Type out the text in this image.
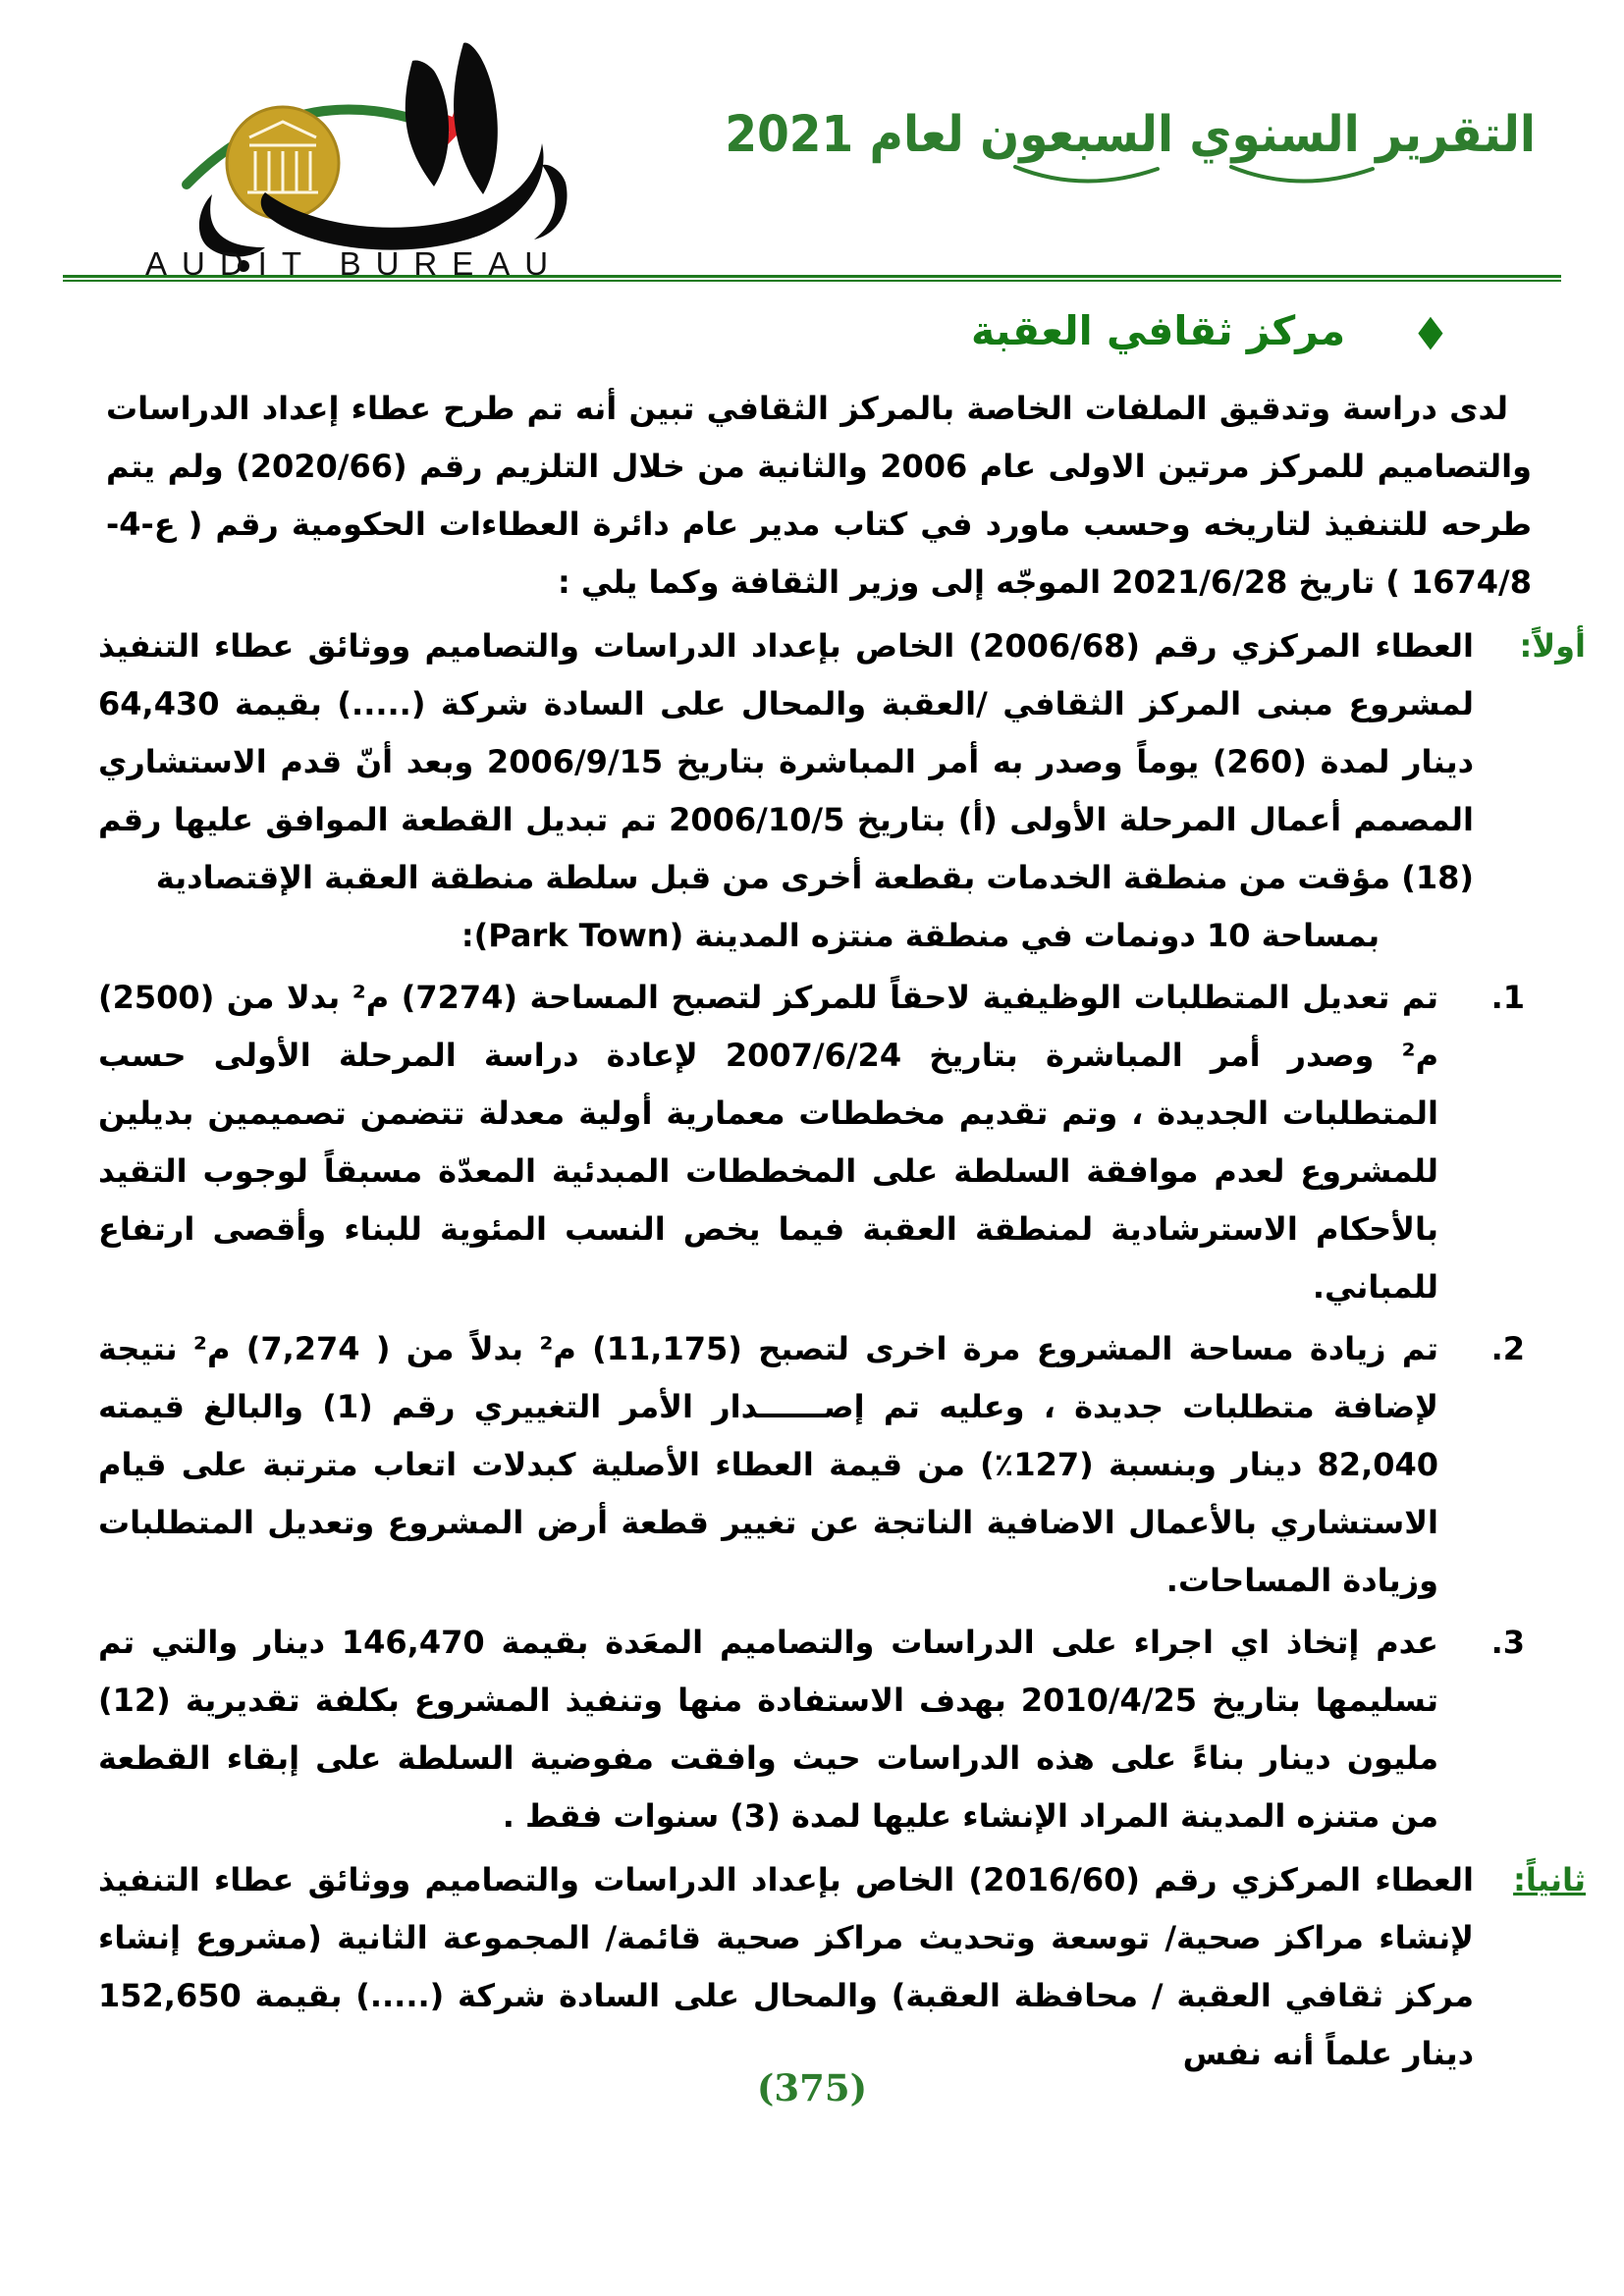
AUDIT BUREAU
التقرير السنوي السبعون لعام 2021
◆
مركز ثقافي العقبة

لدى دراسة وتدقيق الملفات الخاصة بالمركز الثقافي تبين أنه تم طرح عطاء إعداد الدراسات والتصاميم للمركز مرتين الاولى عام 2006 والثانية من خلال التلزيم رقم (2020/66) ولم يتم طرحه للتنفيذ لتاريخه وحسب ماورد في كتاب مدير عام دائرة العطاءات الحكومية رقم ( ع-4-1674/8 ) تاريخ 2021/6/28 الموجّه إلى وزير الثقافة وكما يلي :

أولاً:
العطاء المركزي رقم (2006/68) الخاص بإعداد الدراسات والتصاميم ووثائق عطاء التنفيذ لمشروع مبنى المركز الثقافي /العقبة والمحال على السادة شركة (.....) بقيمة 64,430 دينار لمدة (260) يوماً وصدر به أمر المباشرة بتاريخ 2006/9/15 وبعد أنّ قدم الاستشاري المصمم أعمال المرحلة الأولى (أ) بتاريخ 2006/10/5 تم تبديل القطعة الموافق عليها رقم (18) مؤقت من منطقة الخدمات بقطعة أخرى من قبل سلطة منطقة العقبة الإقتصادية
بمساحة 10 دونمات في منطقة منتزه المدينة (Park Town):
1.
تم تعديل المتطلبات الوظيفية لاحقاً للمركز لتصبح المساحة (7274) م² بدلا من (2500) م² وصدر أمر المباشرة بتاريخ 2007/6/24 لإعادة دراسة المرحلة الأولى حسب المتطلبات الجديدة ، وتم تقديم مخططات معمارية أولية معدلة تتضمن تصميمين بديلين للمشروع لعدم موافقة السلطة على المخططات المبدئية المعدّة مسبقاً لوجوب التقيد بالأحكام الاسترشادية لمنطقة العقبة فيما يخص النسب المئوية للبناء وأقصى ارتفاع للمباني.
2.
تم زيادة مساحة المشروع مرة اخرى لتصبح (11,175) م² بدلاً من ( 7,274) م² نتيجة لإضافة متطلبات جديدة ، وعليه تم إصــــــدار الأمر التغييري رقم (1) والبالغ قيمته 82,040 دينار وبنسبة (127٪) من قيمة العطاء الأصلية كبدلات اتعاب مترتبة على قيام الاستشاري بالأعمال الاضافية الناتجة عن تغيير قطعة أرض المشروع وتعديل المتطلبات وزيادة المساحات.
3.
عدم إتخاذ اي اجراء على الدراسات والتصاميم المعَدة بقيمة 146,470 دينار والتي تم تسليمها بتاريخ 2010/4/25 بهدف الاستفادة منها وتنفيذ المشروع بكلفة تقديرية (12) مليون دينار بناءً على هذه الدراسات حيث وافقت مفوضية السلطة على إبقاء القطعة من متنزه المدينة المراد الإنشاء عليها لمدة (3) سنوات فقط .
ثانياً:
العطاء المركزي رقم (2016/60) الخاص بإعداد الدراسات والتصاميم ووثائق عطاء التنفيذ لإنشاء مراكز صحية/ توسعة وتحديث مراكز صحية قائمة/ المجموعة الثانية (مشروع إنشاء مركز ثقافي العقبة / محافظة العقبة) والمحال على السادة شركة (.....) بقيمة 152,650 دينار علماً أنه نفس
(375)
